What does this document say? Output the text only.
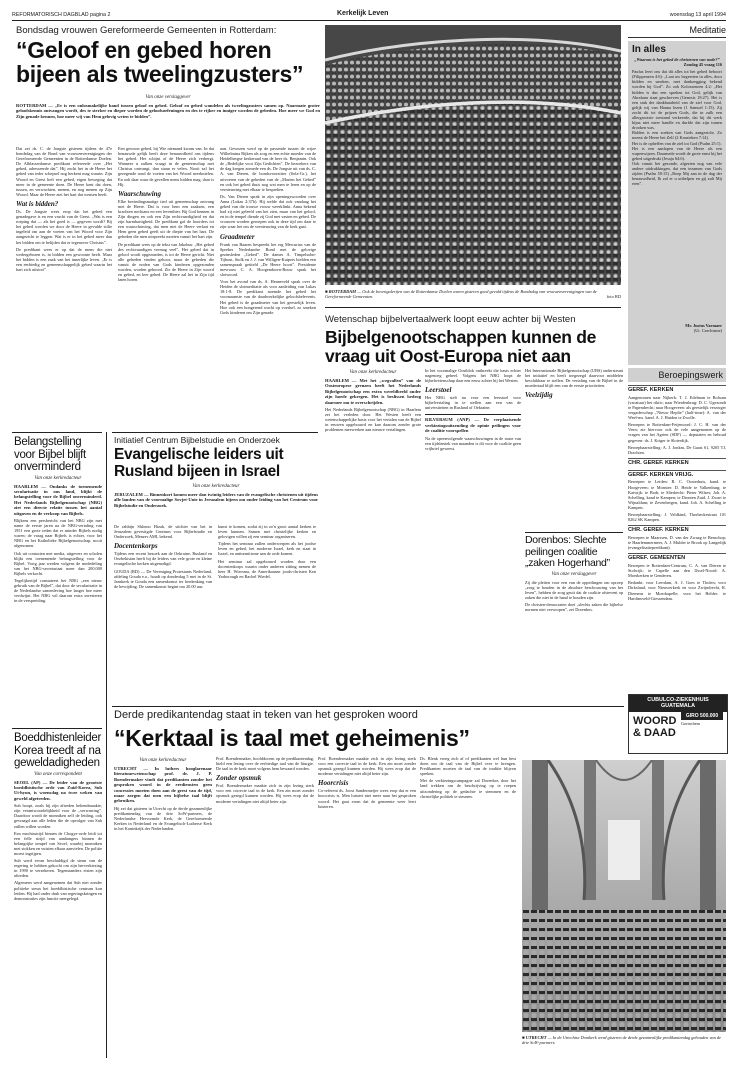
REFORMATORISCH DAGBLAD pagina 2	Kerkelijk Leven	woensdag 13 april 1994
Bondsdag vrouwen Gereformeerde Gemeenten in Rotterdam:
“Geloof en gebed horen
bijeen als tweelingzusters”
Van onze verslaggever
ROTTERDAM — „Er is een onlosmakelijke band tussen geloof en gebed. Geloof en gebed wandelen als tweelingzusters samen op. Naarmate groter geloofskennis ontvangen wordt, des te sterker en dieper worden de geloofsoefeningen en des te rijker en inniger worden de gebeden. Hoe meer we God en Zijn genade kennen, hoe meer wij van Hem gelovig weten te bidden”.

Dat zei ds. C. de Jongste gisteren tijdens de 47e bondsdag van de Bond van vrouwenverenigingen der Gereformeerde Gemeenten in de Rotterdamse Doelen. De Alblasserdamse predikant refereerde over „Het gebed, adresseerde dat”. Hij zocht het in de Heere het gebed van ieder schepsel nog herkent mag waarin. Zijn Woord en Geest heft een gebed, eigen beweging dat meer in de gemeente doen. De Heere kent dat doen, tussen, en verwachten, menen, en nog menen op Zijn Woord. Maar de Heere ziet het hart dat wensen heeft.

Wat is bidden?

Ds. De Jongste wees erop dat het gebed een genadegave is en een vrucht van de Geest. „Wat is een roeping dat — als het goed is — gegeven wordt? Bij het gebed worden we door de Heere in gevulde stilte ingeleid om aan de voeten van het Woord voor Zijn aangezicht te leggen. Wat is er in het gebed meer dan het bidden om te belijden dat er tegenover Christus”.

De predikant wees er op dat de mens die niet wedergeboren is, in bidden een gewoonte heeft. Maar het bidden is een zaak van het innerlijke leven. „Er is een eerbiedig en gemeenschappelijk gebed waarin het hart zich uitstort”.

Een gewoon gebed, bij Wie niemand kwam van. In dat benauwde gelijk heeft deze benauwdheid ons tijdens het gebed. Het schijnt of de Heere zich verbergt. Wanneer u zulken vraagt in de gemeenschap met Christus ontvangt, dan staan er velen. Nooit zal het gezegende rond de voeten van het Woord neerknielen. En ook daar waar de gevallen mens bidden mag, daar is Hij.

Waarschuwing

Elke bevindingsmatige tied uit gemeenschap ontvang met de Heere. Dat is voor hem een zaaksen, een krachten nochtans en een leventhier. Bij God kennen in Zijn dingen en ook een Zijn rechtvaardigheid en dat zijn barmhartigheid. De predikant gaf de hoorders tot een waarschuwing, dat men niet de Heere verlaat en Hem geen gebed geeft uit de diepte van het hart. De gebeden die men uitspreekt moeten vanuit het hart zijn.

De predikant wees op de tekst van Jakobus: „Het gebed des rechtvaardigen vermag veel”. Het gebed dat in geloof wordt opgezonden, is tot de Heere gericht. Niet alle gebeden vinden gehoor, maar de gebeden die vanuit de noden van Gods kinderen opgezonden worden, worden gehoord. Zie de Heere in Zijn woord en gebed, en leer gebed. De Heere zal het in Zijn tijd laten horen.

aan. Gewezen werd op de passende tussen de wijze Wilhelmina Rijken als zorg en een echte moeder van de Heidelbergse kerkeraad van de heer ds. Benjamin. Ook de „Bedelijke voor Zijn Gedichten”. De bezoekers van de dag kregen zomede een ds. De Jongste uit van ds. C. A. van Dieren, de bondsvoorzitter (Sola-Gr.), het uitvoeren van de gebeden van de „Marien het Gebed” en ook het gebed thuis nog wat men te leren en op de vernieuwing met elkaar te bespreken.

Ds. Van Dieren sprak in zijn openingswoorden over Anna (Lukas 2:37b). Hij stelde dat ook vandaag het gebed van die trouwe vrouw weerklinkt. Anna bekend had zij niet geleefd van het zien, maar van het geloof, en in de tempel diende zij God met vasten en gebed. De vrouwen worden geroepen ook in deze tijd om daar te zijn waar het om de vernieuwing van de kerk gaat.

Graadmeter

Frank van Baaren bespreekt het erg Mercurius van de Spreker Nederlandse Bond met de gelovige gezinsleden „Gebed”. De dames A. Timpelsohn-Tijbout, Stolk en J. J. van Willigen-Kuipers hielden een samenspraak getiteld „De Heere hoort”. Presidente mevrouw C. A. Hoogendoorn-Bouw sprak het slotwoord.

Voor het avond van ds. A. Henneveld sprak over de Heiden de slotmeditatie als voor aanleiding van Lukas 18:1-8. De predikant noemde het gebed het voornaamste van de daadwerkelijke geloofsbelevenis. Het gebed is de graadmeter van het geestelijk leven. Hoe ook een hongerend wacht op voedsel, zo smeken Gods kinderen om Zijn genade.

■ ROTTERDAM — Ook de bovengalerijen van de Rotterdamse Doelen waren gisteren goed gevuld tijdens de Bondsdag van vrouwenverenigingen van de Gereformeerde Gemeenten.	foto RD
Meditatie
In alles
„Waarom is het gebed de christenen van node?”
Zondag 45 vraag 116
Paulus leert ons dat dit alles tot het gebed behoort (Filippenzen 4:6): „Laat uw begeerten in alles, door bidden en smeken, met dankzegging bekend worden bij God”. Zo ook Kolossenzen 4:2: „Het bidden is dus een spreken tot God, gelijk van Abraham staat geschreven (Genesis 18:27). Het is een stuk der dankbaarheid van de ziel voor God, gelijk wij van Hanna lezen (1 Samuel 1:15). Zij zocht dit tot de prijzen Gods, die in zulk een allergrootste toestand verkeerde, dat hij dit werk bijna niet meer handle en durfde dat zijn tranen drooken was.
Bidden is een zoeken van Gods aangezicht. Zo noemt de Heere het Zelf (2 Kronieken 7:14).
Het is de opheffen van de ziel tot God (Psalm 25:1).
Het is een aanlopen van de Heere als een wapenwijzen. Daarmede wordt de grote ernst bij het gebed uitgedrukt (Jesaja 64:6).
Ook vanuit het gezonde, afgezien nog van vele andere uitdrukkingen, dat een tezamen van Gods zijden (Psalm 50:15) „Roep Mij aan in de dag der benauwdheid, Ik zal er u uithelpen en gij zult Mij eren”.
Mr. Justus Varmaer
(Ut. Czechisme)
Beroepingswerk
GEREF. KERKEN
Aangenomen naar Nijkerk: T. J. Edelman te Bolsum (vacatuur) het riktic; naar Wierdenbrug: D. C. Ugezondt te Papendrecht; naar Hoogeveen: als geestelijk verzorger vergaderschap „'Nieuw Heplie” (half-time): A. van der Weel-ms. kand. A. J. Huiden te Zwolle.
Beroepen te Rotterdam-Feijenoord: J. C. H. van der Veen; zie hiervoor ook de vele aangenomen op de vragen van het Agrien (SDF) — deputaten en behoud gegeven: ds. J. Kriger te Sloterdijk.
Beroepbaarstelling: A. J. Jonkm, De Gaast 61, 9205 TJ, Drachten.
CHR. GEREF. KERKEN
GEREF. KERKEN VRIJG.
Beroepen te Leiden: R. C. Oosterhuis, kand. te Hoogeveen; te Monster: D. Heide te Valkenburg; te Katwijk: te Bodr, te Sliedrecht: Pieter Wilzes; Joh. A. Schelling, kand te Kampen; te Dronten Zuid, J. Zwart te Wijnaldum; te Zevenbergen, kand. Joh. A. Schelling te Kampen.
Beroepbaarstelling: J. Veldkind, Thorbeckestraat 101 8262 SK Kampen.
CHR. GEREF. KERKEN
Beroepen te Maarssen, D. van der Zwaag te Benschop; te Haarlemmermeer, A. J. Mulder te Brook op Langedijk (evangelisatiepredikant).
GEREF. GEMEENTEN
Beroepen te Rotterdam-Centrum, C. A. van Dieren te Stolwijk; te Capelle aan den IJssel-Noord: A. Moerkerken te Genderen.
Bedankt: voor Leerdam, A. J. Goes te Tholen; voor Dirksland, voor Nieuwerkerk en voor Zwijndrecht, R. Diemens te Moerkapelle; voor het Helder: te Hardinxveld-Giessendam.
CUBULCO-ZIEKENHUIS GUATEMALA
WOORD & DAAD
GIRO 500.000
Gorinchem
Belangstelling voor Bijbel blijft onverminderd
Van onze kerkredacteur
HAARLEM — Ondanks de toenemende secularisatie in ons land, blijkt de belangstelling voor de Bijbel onverminderd. Het Nederlands Bijbelgenootschap (NBG) ziet een directe relatie tussen het aantal uitgaven en de verkoop van Bijbels.

Blijkens een persbericht van het NBG zijn met name de eerste jaren na de NBG-vertaling van 1951 een grote reden dat er minder Bijbels nodig waren; de vraag naar Bijbels is echter, voor het NBG en het Katholieke Bijbelgenootschap, nooit afgenomen.

Ook uit contacten met media, uitgevers en scholen blijkt een toenemende belangstelling voor de Bijbel. Vorig jaar werden volgens de mededeling van het NBG-secretariaat meer dan 200.000 Bijbels verkocht.

Tegelijkertijd constateert het NBG „een nieuw gebruik van de Bijbel”, dat door de secularisatie in de Nederlandse samenleving hoe langer hoe meer verdwijnt. Het NBG wil daarom extra investeren in de verspreiding.

Boeddhistenleider Korea treedt af na geweldadigheden
Van onze correspondent
SEOEL (AP) — De leider van de grootste boeddhistische orde van Zuid-Korea, Suh Ui-hyun, is woensdag na twee weken van geweld afgetreden.

Suh hoopt, zoals hij zijn aftreden bekendmaakte, zijn verantwoordelijkheid voor de „verwarring”. Daardoor wordt de monniken zelf de leiding, ook gevraagd aan alle leden die de opvolger van Suh zullen willen worden.

Een machtsstrijd binnen de Chogye-orde leidt tot een felle strijd van aanhangers binnen de belangrijke tempel van Seoel, waarbij monniken met stokken en vuisten elkaar aanvielen. De politie moest ingrijpen.

Suh werd ervan beschuldigd de steun van de regering te hebben gekocht om zijn herverkiezing in 1990 te verzekeren. Tegenstanders eisten zijn aftreden.

Algemeen werd aangenomen dat Suh niet zonder politieke steun het boeddhistische centrum kon leiden. Hij had onder druk van regeringskringen en demonstraties zijn functie neergelegd.

Initiatief Centrum Bijbelstudie en Onderzoek
Evangelische leiders uit
Rusland bijeen in Israel
Van onze kerkredacteur
JERUZALEM — Binnenkort komen meer dan twintig leiders van de evangelische christenen uit tijdens alle landen van de voormalige Sovjet-Unie in Jeruzalem bijeen om onder leiding van het Centrum voor Bijbelstudie en Onderzoek.

De rabbijn Shlomo Hizak, de stichter van het in Jeruzalem gevestigde Centrum voor Bijbelstudie en Onderzoek, Menzer AMI, bekend.

Docentenkorps

Tijdens een recent bezoek aan de Oekraine, Rusland en Oezbekistan heeft hij de leiders van vele grote en kleine evangelische kerken uitgenodigd.

GOUDA (RD) — De Vereniging Protestants Nederland, afdeling Gouda e.o., houdt op donderdag 5 mei in de St. Janskerk te Gouda een samenkomst ter herdenking van de bevrijding. De samenkomst begint om 20.00 uur.

kunst te komen, zodat zij in zo'n groot aantal kerken te leven kunnen. Samen met christelijke kerken en gelovigen willen zij een seminar organiseren.

Tijdens het seminar zullen onderwerpen als het joodse leven en gebed, het moderne Israel, kerk en staat in Israel, en antisemitisme aan de orde komen.

Het seminar zal opgebouwd worden door een docentenkorps waarin onder anderen zitting nemen de heer H. Wiersma, de Amerikaanse joods-christen Ken Yarborough en Rachel Wiedel.

Wetenschap bijbelvertaalwerk loopt eeuw achter bij Westen
Bijbelgenootschappen kunnen de
vraag uit Oost-Europa niet aan
Van onze kerkredacteur
HAARLEM — Met het „wegvallen” van de Oosteuropese grenzen heeft het Nederlands Bijbelgenootschap een extra wereldbeeld onder zijn hoede gekregen. Het is beslissen bedrog daarmee om te overschrijden.

Het Nederlands Bijbelgenootschap (NBG) in Haarlem zet het verleden door. Het Westen heeft een wetenschappelijke basis voor het vertalen van de Bijbel in eeuwen opgebouwd en kan daarom zonder grote problemen meewerken aan nieuwe vertalingen.

In het voormalige Oostblok ontbreekt die basis echter nagenoeg geheel. Volgens het NBG loopt de bijbelwetenschap daar een eeuw achter bij het Westen.

Leerstoel

Het NBG stelt nu voor een leerstoel voor bijbelvertaling in te stellen aan een van de universiteiten in Rusland of Oekraine.

RILVERSUM (ANP) — De verplaatsende verkiezingsuitzending de opinie peilingen voor de coalitie voorspellen

Na de opeenvolgende waarschuwingen in de route van een tijdsbestek van maanden is dit voor de coalitie geen vrijbrief geweest.

Het Internationale Bijbelgenootschap (UBS) ondersteunt het initiatief en heeft toegezegd daarvoor middelen beschikbaar te stellen. De vertaling van de Bijbel in de moedertaal blijft een van de eerste prioriteiten.

Veelzijdig
Dorenbos: Slechte peilingen coalitie „zaken Hogerhand”
Van onze verslaggever

Zij die pleiten voor een van de oppeilingen om oproep „zorg te houden in de absolute beschouwing van het leven”, hebben de zorg geuit dat de coalitie afstevent op zaken die niet in de hand te houden zijn.

De christen-democraten doet „slechts zaken die bijhelse normen niet verworpen”, zei Dorenbos.

Derde predikantendag staat in teken van het gesproken woord
“Kerktaal is taal met geheimenis”
Van onze kerkredacteur
UTRECHT — In luthers hooglarenaar literatuurwetenschap prof. dr. J. P. Boendermaker vindt dat predikanten zonder het gesproken woord in de erediensten geen concessies moeten doen aan de geest van de tijd, maar zorgen dat men een bijbelse taal blijft gebruiken.

Hij zei dat gisteren in Utrecht op de derde gezamenlijke predikantendag van de drie SoW-partners, de Nederlandse Hervormde Kerk, de Gereformeerde Kerken in Nederland en de Evangelisch-Lutherse Kerk in het Koninkrijk der Nederlanden.

Prof. Boendermaker, hoofddocent op de predikantendag, hield een lezing over de eerbiedige taal van de liturgie. De taal in de kerk moet volgens hem bewaard worden.

Zonder opsmuk

Prof. Boendermaker maakte zich in zijn lezing sterk voor een correcte taal in de kerk. Een zin moet zonder opsmuk gezegd kunnen worden. Hij wees erop dat de moderne vertalingen niet altijd beter zijn.

Prof. Boendermaker maakte zich in zijn lezing sterk voor een correcte taal in de kerk. Een zin moet zonder opsmuk gezegd kunnen worden. Hij wees erop dat de moderne vertalingen niet altijd beter zijn.

Hoorcrisis

Co-referent ds. Joost Sandermeijer wees erop dat er een hoorcrisis is. Men luistert niet meer naar het gesproken woord. Het gaat erom dat de gemeente weer leert luisteren.

Ds. Blenk vroeg zich af of predikanten wel hun best doen om de taal van de Bijbel over te brengen. Predikanten moeten de taal van de traditie blijven spreken.

Met de verkiezingscampagne zal Dorenbos door het land trekken om de beschrijving op te roepen uitzondering op de gedachte te stemmen en de christelijke politiek te steunen.

■ UTRECHT — In de Utrechtse Domkerk werd gisteren de derde gezamenlijke predikantendag gehouden van de drie SoW-partners.
